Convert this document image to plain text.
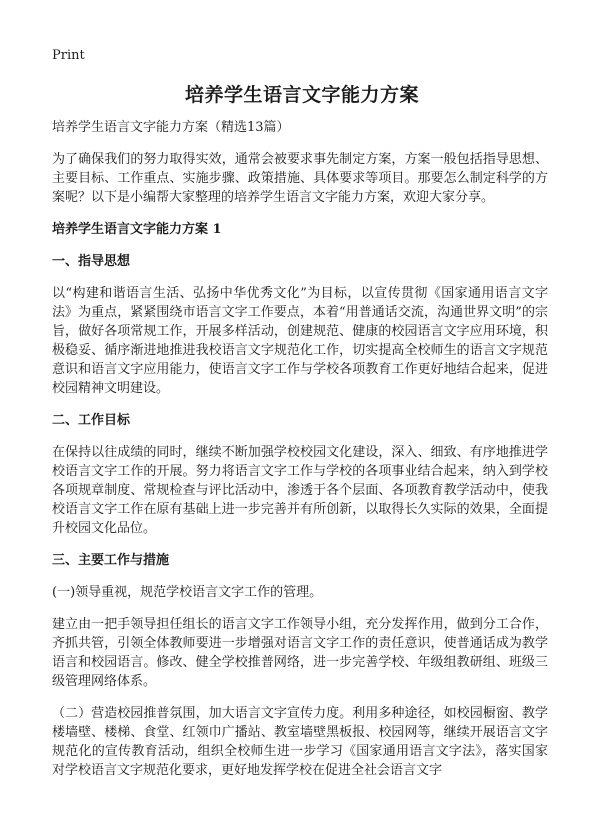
Print
培养学生语言文字能力方案

培养学生语言文字能力方案（精选13篇）

为了确保我们的努力取得实效，通常会被要求事先制定方案，方案一般包括指导思想、主要目标、工作重点、实施步骤、政策措施、具体要求等项目。那要怎么制定科学的方案呢？以下是小编帮大家整理的培养学生语言文字能力方案，欢迎大家分享。

培养学生语言文字能力方案 1
一、指导思想

以“构建和谐语言生活、弘扬中华优秀文化”为目标，以宣传贯彻《国家通用语言文字法》为重点，紧紧围绕市语言文字工作要点，本着“用普通话交流，沟通世界文明”的宗旨，做好各项常规工作，开展多样活动，创建规范、健康的校园语言文字应用环境，积极稳妥、循序渐进地推进我校语言文字规范化工作，切实提高全校师生的语言文字规范意识和语言文字应用能力，使语言文字工作与学校各项教育工作更好地结合起来，促进校园精神文明建设。

二、工作目标

在保持以往成绩的同时，继续不断加强学校校园文化建设，深入、细致、有序地推进学校语言文字工作的开展。努力将语言文字工作与学校的各项事业结合起来，纳入到学校各项规章制度、常规检查与评比活动中，渗透于各个层面、各项教育教学活动中，使我校语言文字工作在原有基础上进一步完善并有所创新，以取得长久实际的效果，全面提升校园文化品位。

三、主要工作与措施

(一)领导重视，规范学校语言文字工作的管理。

建立由一把手领导担任组长的语言文字工作领导小组，充分发挥作用，做到分工合作，齐抓共管，引领全体教师要进一步增强对语言文字工作的责任意识，使普通话成为教学语言和校园语言。修改、健全学校推普网络，进一步完善学校、年级组教研组、班级三级管理网络体系。

（二）营造校园推普氛围，加大语言文字宣传力度。利用多种途径，如校园橱窗、教学楼墙壁、楼梯、食堂、红领巾广播站、教室墙壁黑板报、校园网等，继续开展语言文字规范化的宣传教育活动，组织全校师生进一步学习《国家通用语言文字法》，落实国家对学校语言文字规范化要求，更好地发挥学校在促进全社会语言文字
